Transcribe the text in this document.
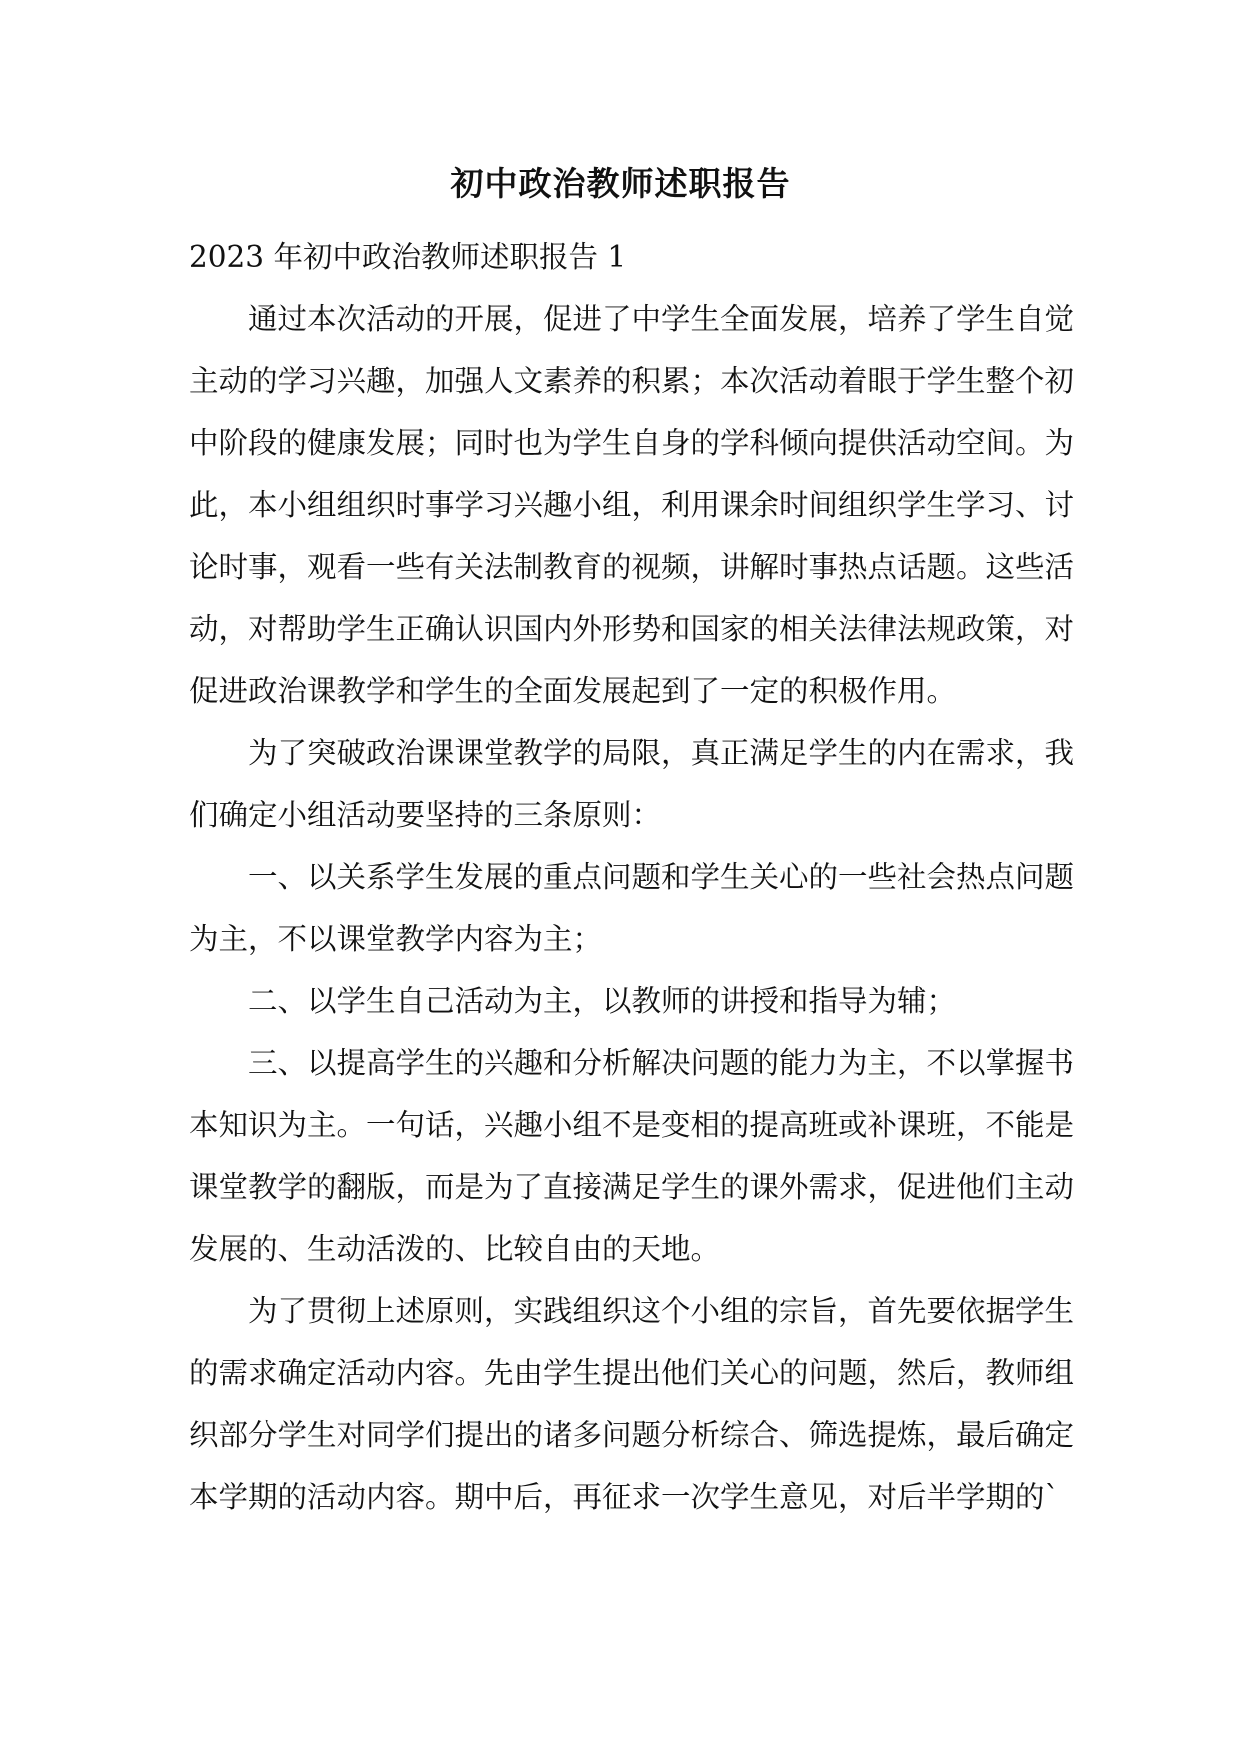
初中政治教师述职报告
2023 年初中政治教师述职报告 1
通过本次活动的开展，促进了中学生全面发展，培养了学生自觉
主动的学习兴趣，加强人文素养的积累；本次活动着眼于学生整个初
中阶段的健康发展；同时也为学生自身的学科倾向提供活动空间。为
此，本小组组织时事学习兴趣小组，利用课余时间组织学生学习、讨
论时事，观看一些有关法制教育的视频，讲解时事热点话题。这些活
动，对帮助学生正确认识国内外形势和国家的相关法律法规政策，对
促进政治课教学和学生的全面发展起到了一定的积极作用。
为了突破政治课课堂教学的局限，真正满足学生的内在需求，我
们确定小组活动要坚持的三条原则：
一、以关系学生发展的重点问题和学生关心的一些社会热点问题
为主，不以课堂教学内容为主；
二、以学生自己活动为主，以教师的讲授和指导为辅；
三、以提高学生的兴趣和分析解决问题的能力为主，不以掌握书
本知识为主。一句话，兴趣小组不是变相的提高班或补课班，不能是
课堂教学的翻版，而是为了直接满足学生的课外需求，促进他们主动
发展的、生动活泼的、比较自由的天地。
为了贯彻上述原则，实践组织这个小组的宗旨，首先要依据学生
的需求确定活动内容。先由学生提出他们关心的问题，然后，教师组
织部分学生对同学们提出的诸多问题分析综合、筛选提炼，最后确定
本学期的活动内容。期中后，再征求一次学生意见，对后半学期的`
